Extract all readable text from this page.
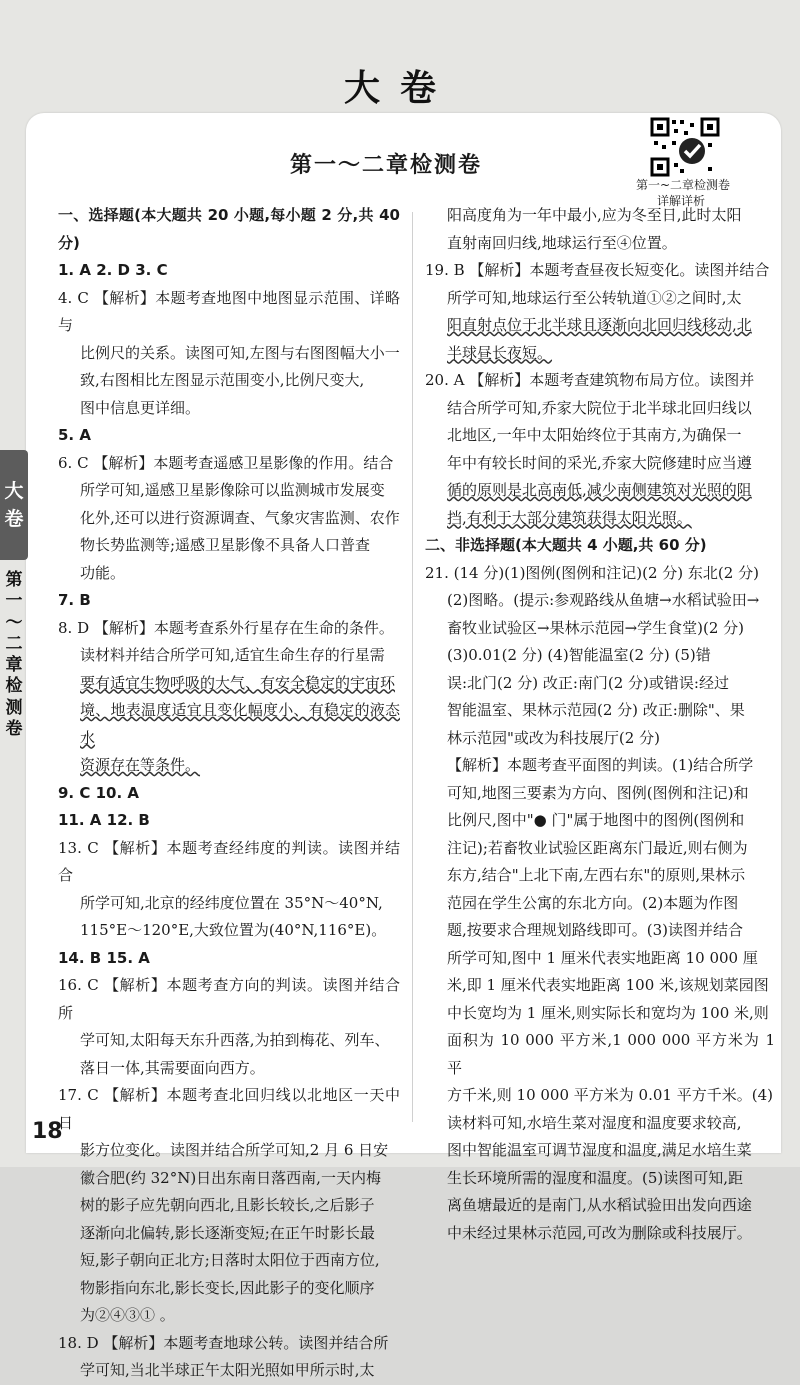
大卷
第一～二章检测卷
第一~二章检测卷
详解详析
大
卷
第一～二章检测卷

一、选择题(本大题共 20 小题,每小题 2 分,共 40 分)

1. A 2. D 3. C

4. C 【解析】本题考查地图中地图显示范围、详略与

比例尺的关系。读图可知,左图与右图图幅大小一

致,右图相比左图显示范围变小,比例尺变大,

图中信息更详细。

5. A

6. C 【解析】本题考查遥感卫星影像的作用。结合

所学可知,遥感卫星影像除可以监测城市发展变

化外,还可以进行资源调查、气象灾害监测、农作

物长势监测等;遥感卫星影像不具备人口普查

功能。

7. B

8. D 【解析】本题考查系外行星存在生命的条件。

读材料并结合所学可知,适宜生命生存的行星需

要有适宜生物呼吸的大气、有安全稳定的宇宙环

境、地表温度适宜且变化幅度小、有稳定的液态水

资源存在等条件。

9. C 10. A

11. A 12. B

13. C 【解析】本题考查经纬度的判读。读图并结合

所学可知,北京的经纬度位置在 35°N～40°N,

115°E～120°E,大致位置为(40°N,116°E)。

14. B 15. A

16. C 【解析】本题考查方向的判读。读图并结合所

学可知,太阳每天东升西落,为拍到梅花、列车、

落日一体,其需要面向西方。

17. C 【解析】本题考查北回归线以北地区一天中日

影方位变化。读图并结合所学可知,2 月 6 日安

徽合肥(约 32°N)日出东南日落西南,一天内梅

树的影子应先朝向西北,且影长较长,之后影子

逐渐向北偏转,影长逐渐变短;在正午时影长最

短,影子朝向正北方;日落时太阳位于西南方位,

物影指向东北,影长变长,因此影子的变化顺序

为②④③① 。

18. D 【解析】本题考查地球公转。读图并结合所

学可知,当北半球正午太阳光照如甲所示时,太

阳高度角为一年中最小,应为冬至日,此时太阳

直射南回归线,地球运行至④位置。

19. B 【解析】本题考查昼夜长短变化。读图并结合

所学可知,地球运行至公转轨道①②之间时,太

阳直射点位于北半球且逐渐向北回归线移动,北

半球昼长夜短。

20. A 【解析】本题考查建筑物布局方位。读图并

结合所学可知,乔家大院位于北半球北回归线以

北地区,一年中太阳始终位于其南方,为确保一

年中有较长时间的采光,乔家大院修建时应当遵

循的原则是北高南低,减少南侧建筑对光照的阻

挡,有利于大部分建筑获得太阳光照。

二、非选择题(本大题共 4 小题,共 60 分)

21. (14 分)(1)图例(图例和注记)(2 分) 东北(2 分)

(2)图略。(提示:参观路线从鱼塘→水稻试验田→

畜牧业试验区→果林示范园→学生食堂)(2 分)

(3)0.01(2 分) (4)智能温室(2 分) (5)错

误:北门(2 分) 改正:南门(2 分)或错误:经过

智能温室、果林示范园(2 分) 改正:删除"、果

林示范园"或改为科技展厅(2 分)

【解析】本题考查平面图的判读。(1)结合所学

可知,地图三要素为方向、图例(图例和注记)和

比例尺,图中"● 门"属于地图中的图例(图例和

注记);若畜牧业试验区距离东门最近,则右侧为

东方,结合"上北下南,左西右东"的原则,果林示

范园在学生公寓的东北方向。(2)本题为作图

题,按要求合理规划路线即可。(3)读图并结合

所学可知,图中 1 厘米代表实地距离 10 000 厘

米,即 1 厘米代表实地距离 100 米,该规划菜园图

中长宽均为 1 厘米,则实际长和宽均为 100 米,则

面积为 10 000 平方米,1 000 000 平方米为 1 平

方千米,则 10 000 平方米为 0.01 平方千米。(4)

读材料可知,水培生菜对湿度和温度要求较高,

图中智能温室可调节湿度和温度,满足水培生菜

生长环境所需的湿度和温度。(5)读图可知,距

离鱼塘最近的是南门,从水稻试验田出发向西途

中未经过果林示范园,可改为删除或科技展厅。

18
